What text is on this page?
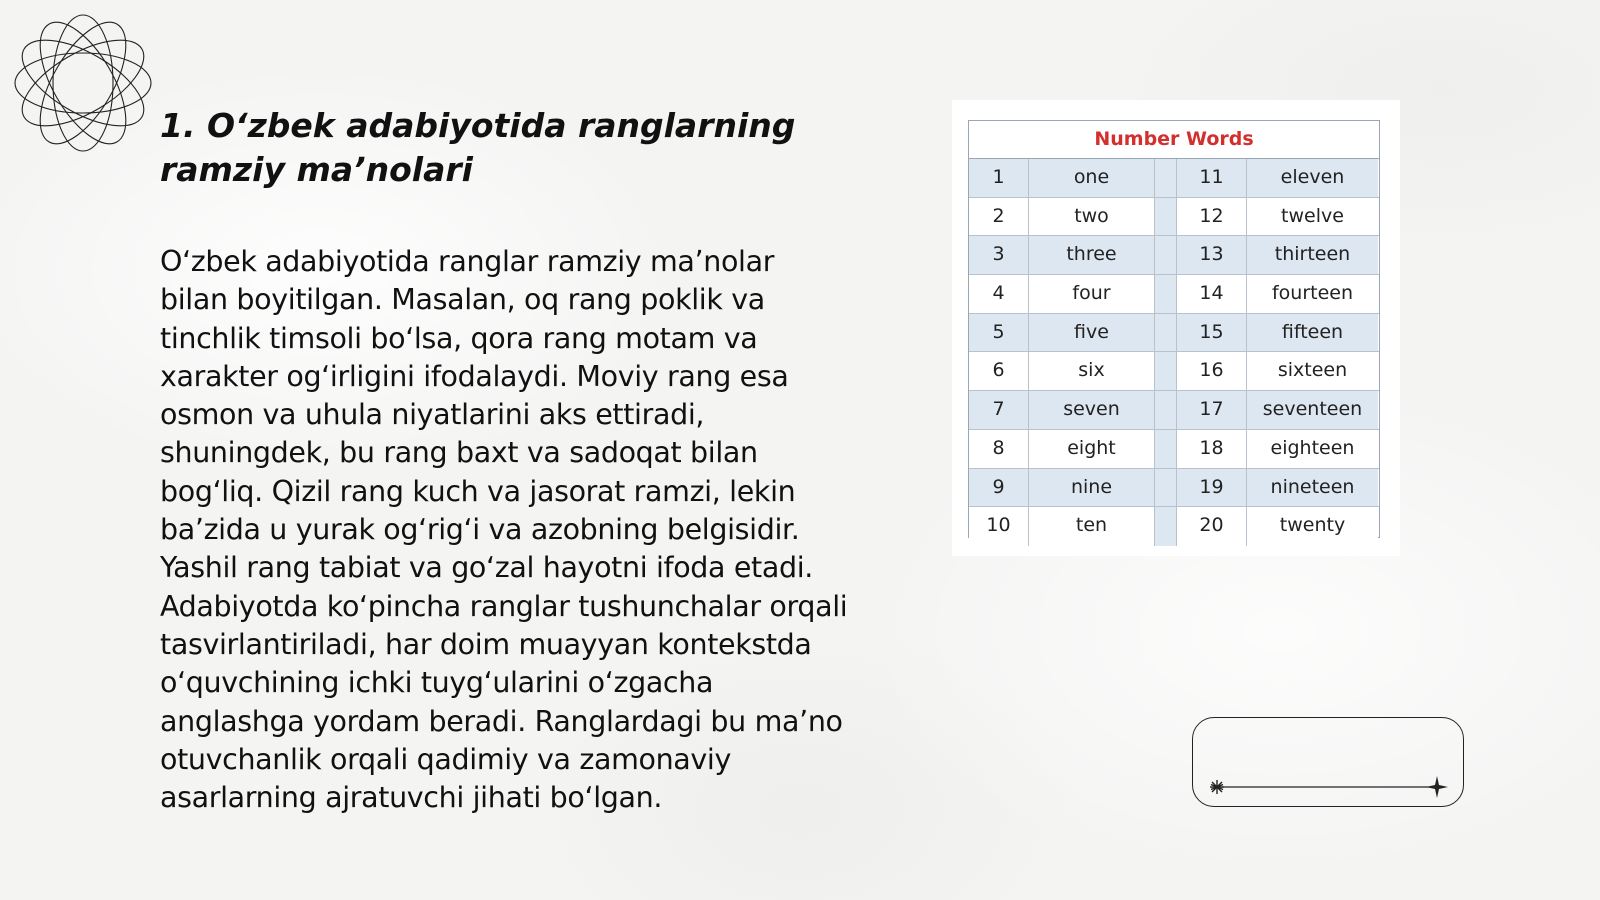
1. Oʻzbek adabiyotida ranglarning
ramziy maʼnolari

Oʻzbek adabiyotida ranglar ramziy maʼnolar bilan boyitilgan. Masalan, oq rang poklik va tinchlik timsoli boʻlsa, qora rang motam va xarakter ogʻirligini ifodalaydi. Moviy rang esa osmon va uhula niyatlarini aks ettiradi, shuningdek, bu rang baxt va sadoqat bilan bogʻliq. Qizil rang kuch va jasorat ramzi, lekin baʼzida u yurak ogʻrigʻi va azobning belgisidir. Yashil rang tabiat va goʻzal hayotni ifoda etadi. Adabiyotda koʻpincha ranglar tushunchalar orqali tasvirlantiriladi, har doim muayyan kontekstda oʻquvchining ichki tuygʻularini oʻzgacha anglashga yordam beradi. Ranglardagi bu maʼno otuvchanlik orqali qadimiy va zamonaviy asarlarning ajratuvchi jihati boʻlgan.

Number Words
1	one	11	eleven
2	two	12	twelve
3	three	13	thirteen
4	four	14	fourteen
5	five	15	fifteen
6	six	16	sixteen
7	seven	17	seventeen
8	eight	18	eighteen
9	nine	19	nineteen
10	ten	20	twenty
